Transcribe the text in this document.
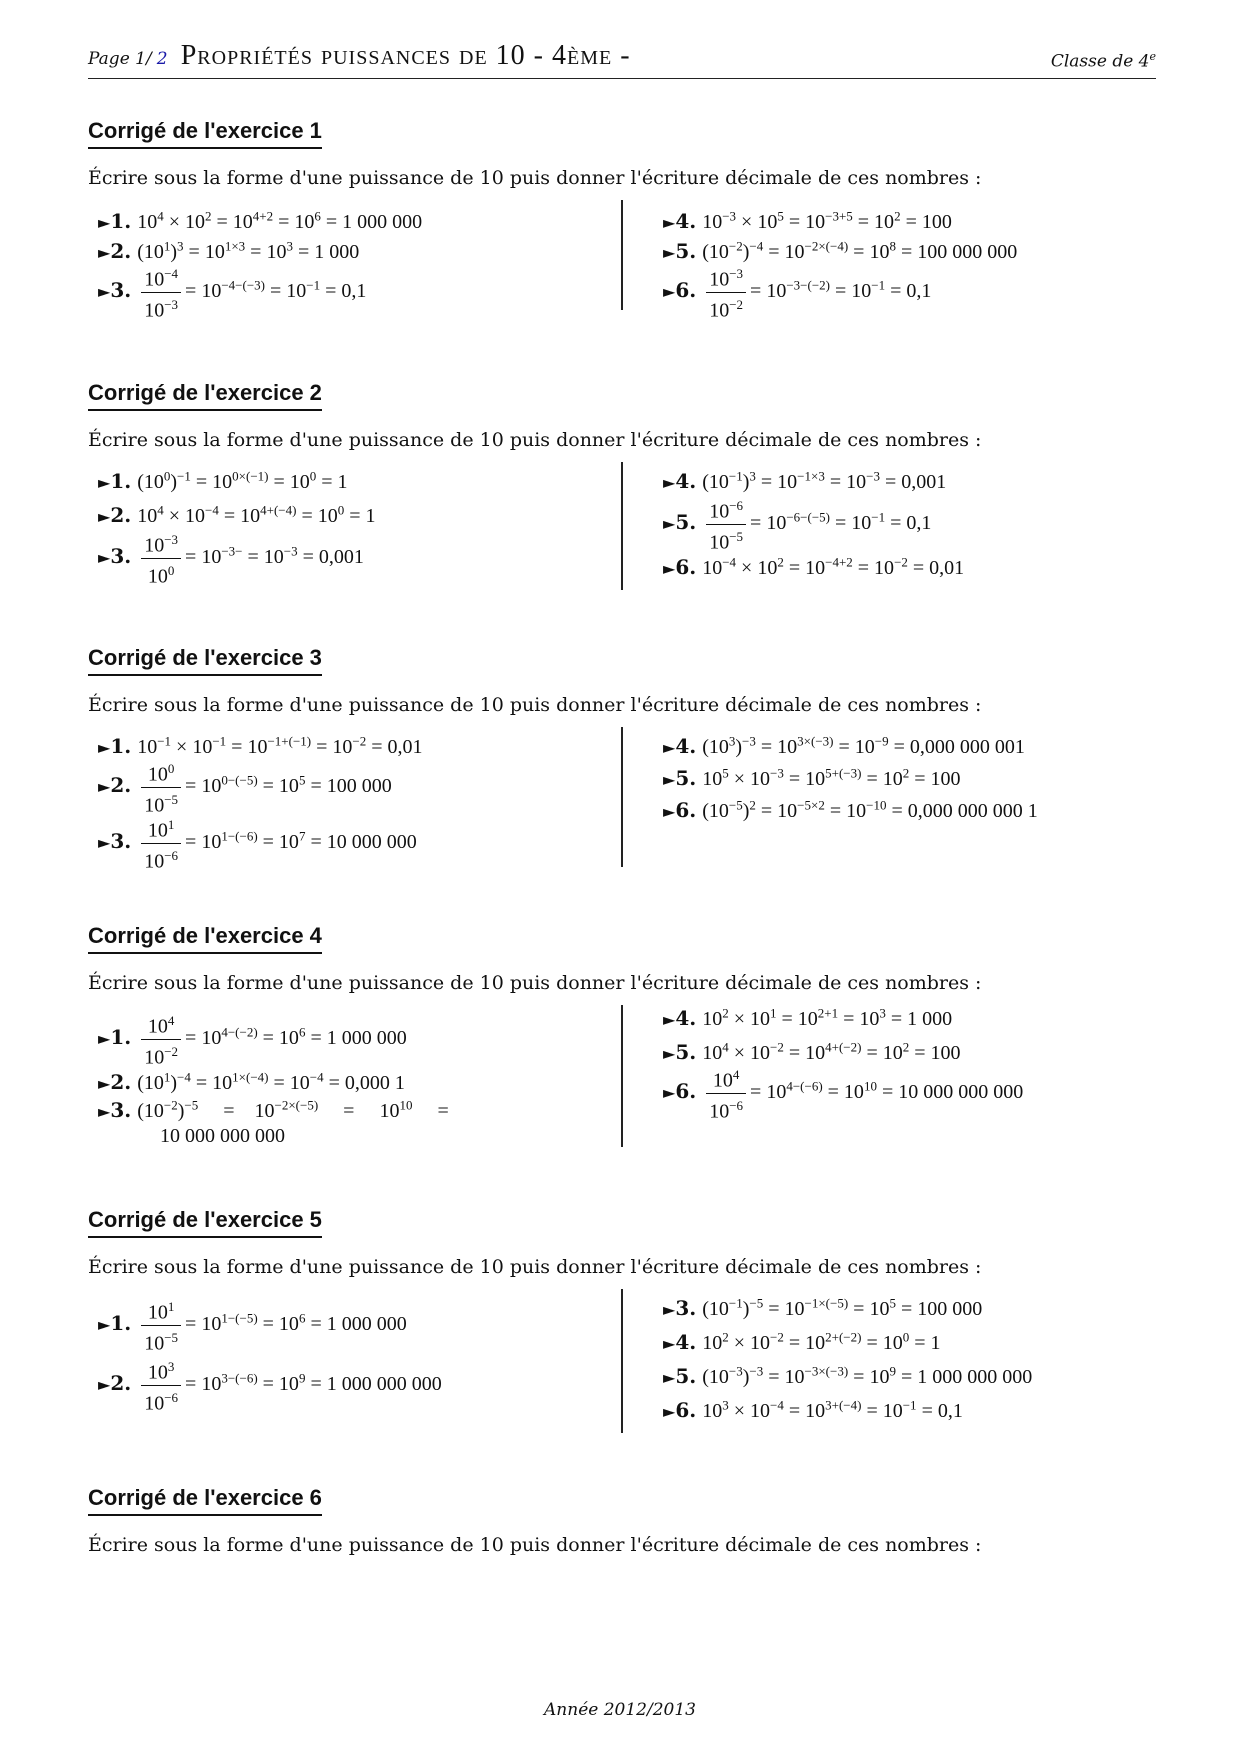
Page 1/ 2 Propriétés puissances de 10 - 4ème -	Classe de 4e
Corrigé de l'exercice 1
Écrire sous la forme d'une puissance de 10 puis donner l'écriture décimale de ces nombres :
►1. $10^4 \times 10^2 = 10^{4+2} = 10^6 = 1$ 000 000
►2. $(10^1)^3 = 10^{1\times 3} = 10^3 = 1$ 000
►3. $\frac{10^{-4}}{10^{-3}} = 10^{-4-(-3)} = 10^{-1} = 0,1$
►4. $10^{-3} \times 10^5 = 10^{-3+5} = 10^2 = 100$
►5. $(10^{-2})^{-4} = 10^{-2\times(-4)} = 10^8 = 100$ 000 000
►6. $\frac{10^{-3}}{10^{-2}} = 10^{-3-(-2)} = 10^{-1} = 0,1$
Corrigé de l'exercice 2
Écrire sous la forme d'une puissance de 10 puis donner l'écriture décimale de ces nombres :
►1. $(10^0)^{-1} = 10^{0\times(-1)} = 10^0 = 1$
►2. $10^4 \times 10^{-4} = 10^{4+(-4)} = 10^0 = 1$
►3. $\frac{10^{-3}}{10^0} = 10^{-3-} = 10^{-3} = 0,001$
►4. $(10^{-1})^3 = 10^{-1\times 3} = 10^{-3} = 0,001$
►5. $\frac{10^{-6}}{10^{-5}} = 10^{-6-(-5)} = 10^{-1} = 0,1$
►6. $10^{-4} \times 10^2 = 10^{-4+2} = 10^{-2} = 0,01$
Corrigé de l'exercice 3
Écrire sous la forme d'une puissance de 10 puis donner l'écriture décimale de ces nombres :
►1. $10^{-1} \times 10^{-1} = 10^{-1+(-1)} = 10^{-2} = 0,01$
►2. $\frac{10^0}{10^{-5}} = 10^{0-(-5)} = 10^5 = 100$ 000
►3. $\frac{10^1}{10^{-6}} = 10^{1-(-6)} = 10^7 = 10$ 000 000
►4. $(10^3)^{-3} = 10^{3\times(-3)} = 10^{-9} = 0,000$ 000 001
►5. $10^5 \times 10^{-3} = 10^{5+(-3)} = 10^2 = 100$
►6. $(10^{-5})^2 = 10^{-5\times 2} = 10^{-10} = 0,000$ 000 000 1
Corrigé de l'exercice 4
Écrire sous la forme d'une puissance de 10 puis donner l'écriture décimale de ces nombres :
►1. $\frac{10^4}{10^{-2}} = 10^{4-(-2)} = 10^6 = 1$ 000 000
►2. $(10^1)^{-4} = 10^{1\times(-4)} = 10^{-4} = 0,000$ 1
►3. $(10^{-2})^{-5}$     =    $10^{-2\times(-5)}$     =     $10^{10}$     =
10 000 000 000
►4. $10^2 \times 10^1 = 10^{2+1} = 10^3 = 1$ 000
►5. $10^4 \times 10^{-2} = 10^{4+(-2)} = 10^2 = 100$
►6. $\frac{10^4}{10^{-6}} = 10^{4-(-6)} = 10^{10} = 10$ 000 000 000
Corrigé de l'exercice 5
Écrire sous la forme d'une puissance de 10 puis donner l'écriture décimale de ces nombres :
►1. $\frac{10^1}{10^{-5}} = 10^{1-(-5)} = 10^6 = 1$ 000 000
►2. $\frac{10^3}{10^{-6}} = 10^{3-(-6)} = 10^9 = 1$ 000 000 000
►3. $(10^{-1})^{-5} = 10^{-1\times(-5)} = 10^5 = 100$ 000
►4. $10^2 \times 10^{-2} = 10^{2+(-2)} = 10^0 = 1$
►5. $(10^{-3})^{-3} = 10^{-3\times(-3)} = 10^9 = 1$ 000 000 000
►6. $10^3 \times 10^{-4} = 10^{3+(-4)} = 10^{-1} = 0,1$
Corrigé de l'exercice 6
Écrire sous la forme d'une puissance de 10 puis donner l'écriture décimale de ces nombres :
Année 2012/2013
